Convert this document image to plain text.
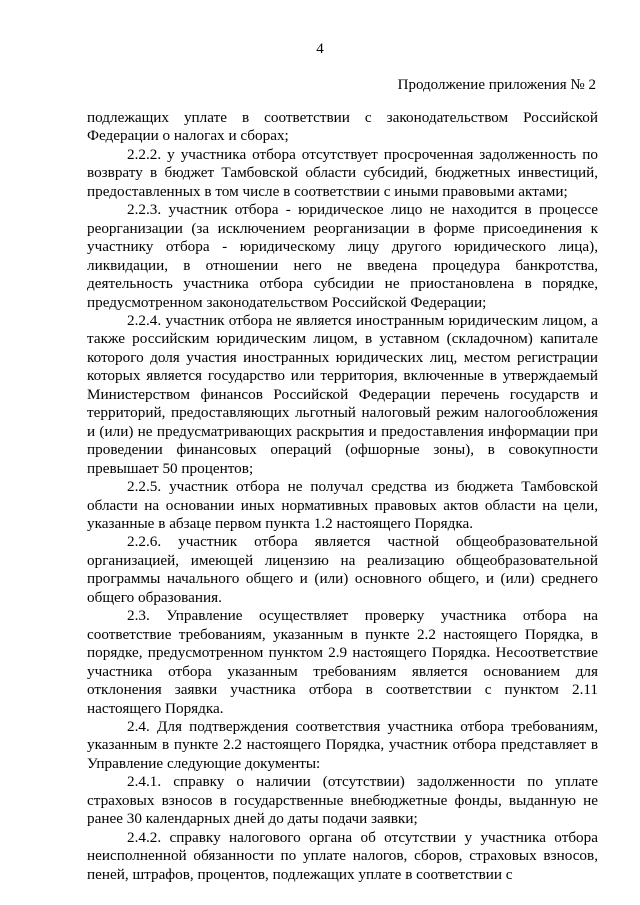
4
Продолжение приложения № 2

подлежащих уплате в соответствии с законодательством Российской Федерации о налогах и сборах;

2.2.2. у участника отбора отсутствует просроченная задолженность по возврату в бюджет Тамбовской области субсидий, бюджетных инвестиций, предоставленных в том числе в соответствии с иными правовыми актами;

2.2.3. участник отбора - юридическое лицо не находится в процессе реорганизации (за исключением реорганизации в форме присоединения к участнику отбора - юридическому лицу другого юридического лица), ликвидации, в отношении него не введена процедура банкротства, деятельность участника отбора субсидии не приостановлена в порядке, предусмотренном законодательством Российской Федерации;

2.2.4. участник отбора не является иностранным юридическим лицом, а также российским юридическим лицом, в уставном (складочном) капитале которого доля участия иностранных юридических лиц, местом регистрации которых является государство или территория, включенные в утверждаемый Министерством финансов Российской Федерации перечень государств и территорий, предоставляющих льготный налоговый режим налогообложения и (или) не предусматривающих раскрытия и предоставления информации при проведении финансовых операций (офшорные зоны), в совокупности превышает 50 процентов;

2.2.5. участник отбора не получал средства из бюджета Тамбовской области на основании иных нормативных правовых актов области на цели, указанные в абзаце первом пункта 1.2 настоящего Порядка.

2.2.6. участник отбора является частной общеобразовательной организацией, имеющей лицензию на реализацию общеобразовательной программы начального общего и (или) основного общего, и (или) среднего общего образования.

2.3. Управление осуществляет проверку участника отбора на соответствие требованиям, указанным в пункте 2.2 настоящего Порядка, в порядке, предусмотренном пунктом 2.9 настоящего Порядка. Несоответствие участника отбора указанным требованиям является основанием для отклонения заявки участника отбора в соответствии с пунктом 2.11 настоящего Порядка.

2.4. Для подтверждения соответствия участника отбора требованиям, указанным в пункте 2.2 настоящего Порядка, участник отбора представляет в Управление следующие документы:

2.4.1. справку о наличии (отсутствии) задолженности по уплате страховых взносов в государственные внебюджетные фонды, выданную не ранее 30 календарных дней до даты подачи заявки;

2.4.2. справку налогового органа об отсутствии у участника отбора неисполненной обязанности по уплате налогов, сборов, страховых взносов, пеней, штрафов, процентов, подлежащих уплате в соответствии с
